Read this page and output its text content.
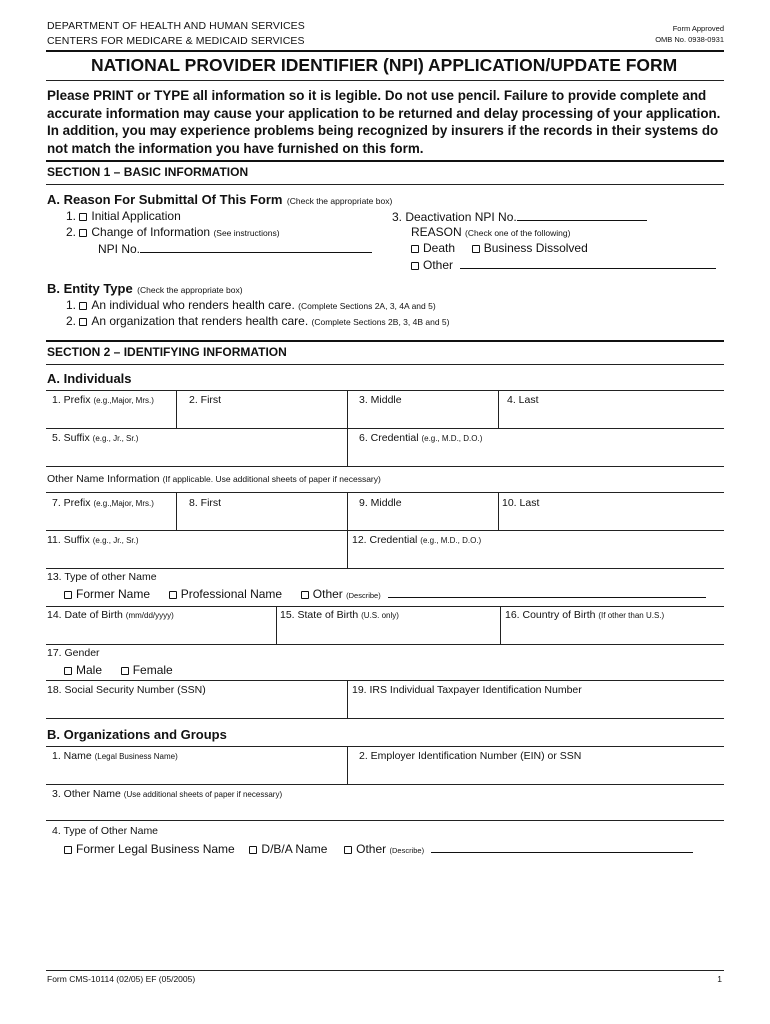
DEPARTMENT OF HEALTH AND HUMAN SERVICES
CENTERS FOR MEDICARE & MEDICAID SERVICES
Form Approved
OMB No. 0938-0931
NATIONAL PROVIDER IDENTIFIER (NPI) APPLICATION/UPDATE FORM
Please PRINT or TYPE all information so it is legible. Do not use pencil. Failure to provide complete and accurate information may cause your application to be returned and delay processing of your application. In addition, you may experience problems being recognized by insurers if the records in their systems do not match the information you have furnished on this form.
SECTION 1 – BASIC INFORMATION
A. Reason For Submittal Of This Form (Check the appropriate box)
1. Initial Application
2. Change of Information (See instructions)
NPI No.
3. Deactivation NPI No.
REASON (Check one of the following)
Death Business Dissolved
Other
B. Entity Type (Check the appropriate box)
1. An individual who renders health care. (Complete Sections 2A, 3, 4A and 5)
2. An organization that renders health care. (Complete Sections 2B, 3, 4B and 5)
SECTION 2 – IDENTIFYING INFORMATION
A. Individuals
1. Prefix (e.g.,Major, Mrs.)	2. First	3. Middle	4. Last
5. Suffix (e.g., Jr., Sr.)	6. Credential (e.g., M.D., D.O.)
Other Name Information (If applicable. Use additional sheets of paper if necessary)
7. Prefix (e.g.,Major, Mrs.)	8. First	9. Middle	10. Last
11. Suffix (e.g., Jr., Sr.)	12. Credential (e.g., M.D., D.O.)
13. Type of other Name
Former Name	Professional Name	Other (Describe)
14. Date of Birth (mm/dd/yyyy)	15. State of Birth (U.S. only)	16. Country of Birth (If other than U.S.)
17. Gender
Male	Female
18. Social Security Number (SSN)	19. IRS Individual Taxpayer Identification Number
B. Organizations and Groups
1. Name (Legal Business Name)	2. Employer Identification Number (EIN) or SSN
3. Other Name (Use additional sheets of paper if necessary)
4. Type of Other Name
Former Legal Business Name D/B/A Name Other (Describe)
Form CMS-10114 (02/05) EF (05/2005)	1
